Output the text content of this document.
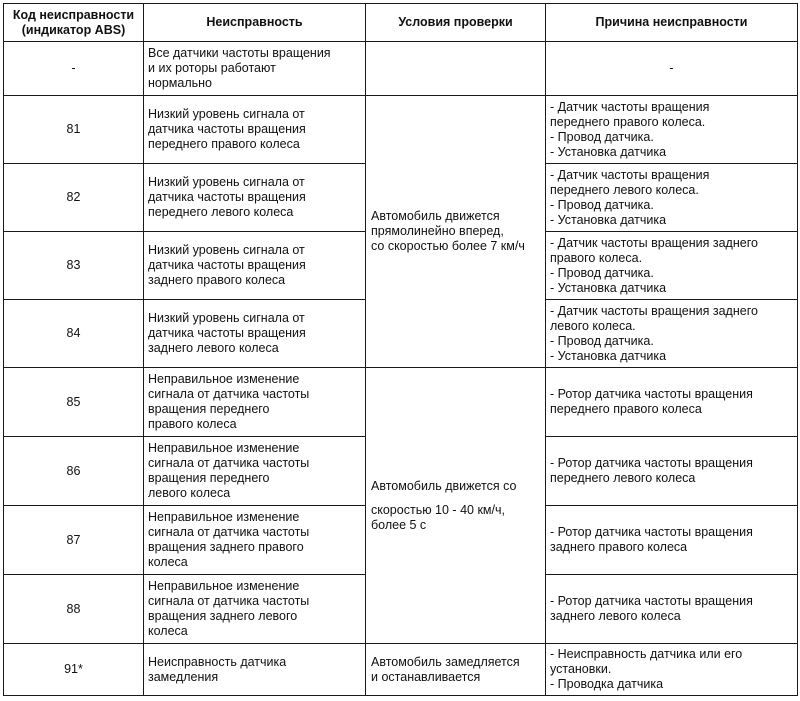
Код неисправности
(индикатор ABS)	Неисправность	Условия проверки	Причина неисправности
-	Все датчики частоты вращения
и их роторы работают
нормально		-
81	Низкий уровень сигнала от
датчика частоты вращения
переднего правого колеса	Автомобиль движется
прямолинейно вперед,
со скоростью более 7 км/ч	- Датчик частоты вращения
переднего правого колеса.
- Провод датчика.
- Установка датчика

82	Низкий уровень сигнала от
датчика частоты вращения
переднего левого колеса		- Датчик частоты вращения
переднего левого колеса.
- Провод датчика.
- Установка датчика

83	Низкий уровень сигнала от
датчика частоты вращения
заднего правого колеса		- Датчик частоты вращения заднего
правого колеса.
- Провод датчика.
- Установка датчика

84	Низкий уровень сигнала от
датчика частоты вращения
заднего левого колеса		- Датчик частоты вращения заднего
левого колеса.
- Провод датчика.
- Установка датчика

85	Неправильное изменение
сигнала от датчика частоты
вращения переднего
правого колеса	Автомобиль движется со
скоростью 10 - 40 км/ч,
более 5 с	- Ротор датчика частоты вращения
переднего правого колеса

86	Неправильное изменение
сигнала от датчика частоты
вращения переднего
левого колеса		- Ротор датчика частоты вращения
переднего левого колеса

87	Неправильное изменение
сигнала от датчика частоты
вращения заднего правого
колеса		- Ротор датчика частоты вращения
заднего правого колеса

88	Неправильное изменение
сигнала от датчика частоты
вращения заднего левого
колеса		- Ротор датчика частоты вращения
заднего левого колеса

91*	Неисправность датчика
замедления	Автомобиль замедляется
и останавливается	- Неисправность датчика или его
установки.
- Проводка датчика
